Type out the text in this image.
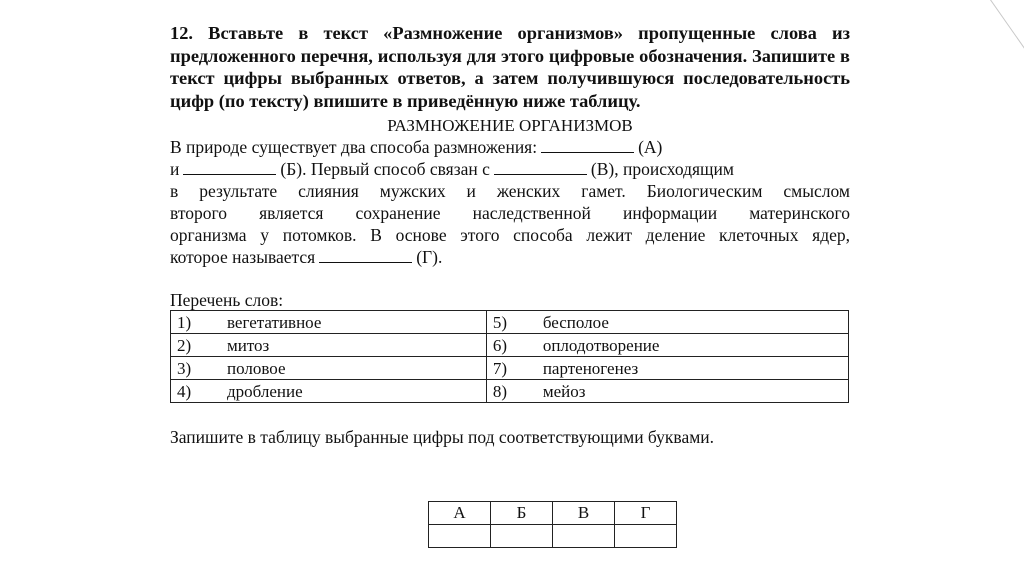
12. Вставьте в текст «Размножение организмов» пропущенные слова из предложенного перечня, используя для этого цифровые обозначения. Запишите в текст цифры выбранных ответов, а затем получившуюся последовательность цифр (по тексту) впишите в приведённую ниже таблицу.

РАЗМНОЖЕНИЕ ОРГАНИЗМОВ

В природе существует два способа размножения:	(А)

и	(Б). Первый способ связан с	(В), происходящим

в результате слияния мужских и женских гамет. Биологическим смыслом

второго является сохранение наследственной информации материнского

организма у потомков. В основе этого способа лежит деление клеточных ядер,

которое называется	(Г).

Перечень слов:

1) вегетативное	5) бесполое
2) митоз	6) оплодотворение
3) половое	7) партеногенез
4) дробление	8) мейоз

Запишите в таблицу выбранные цифры под соответствующими буквами.

А	Б	В	Г
